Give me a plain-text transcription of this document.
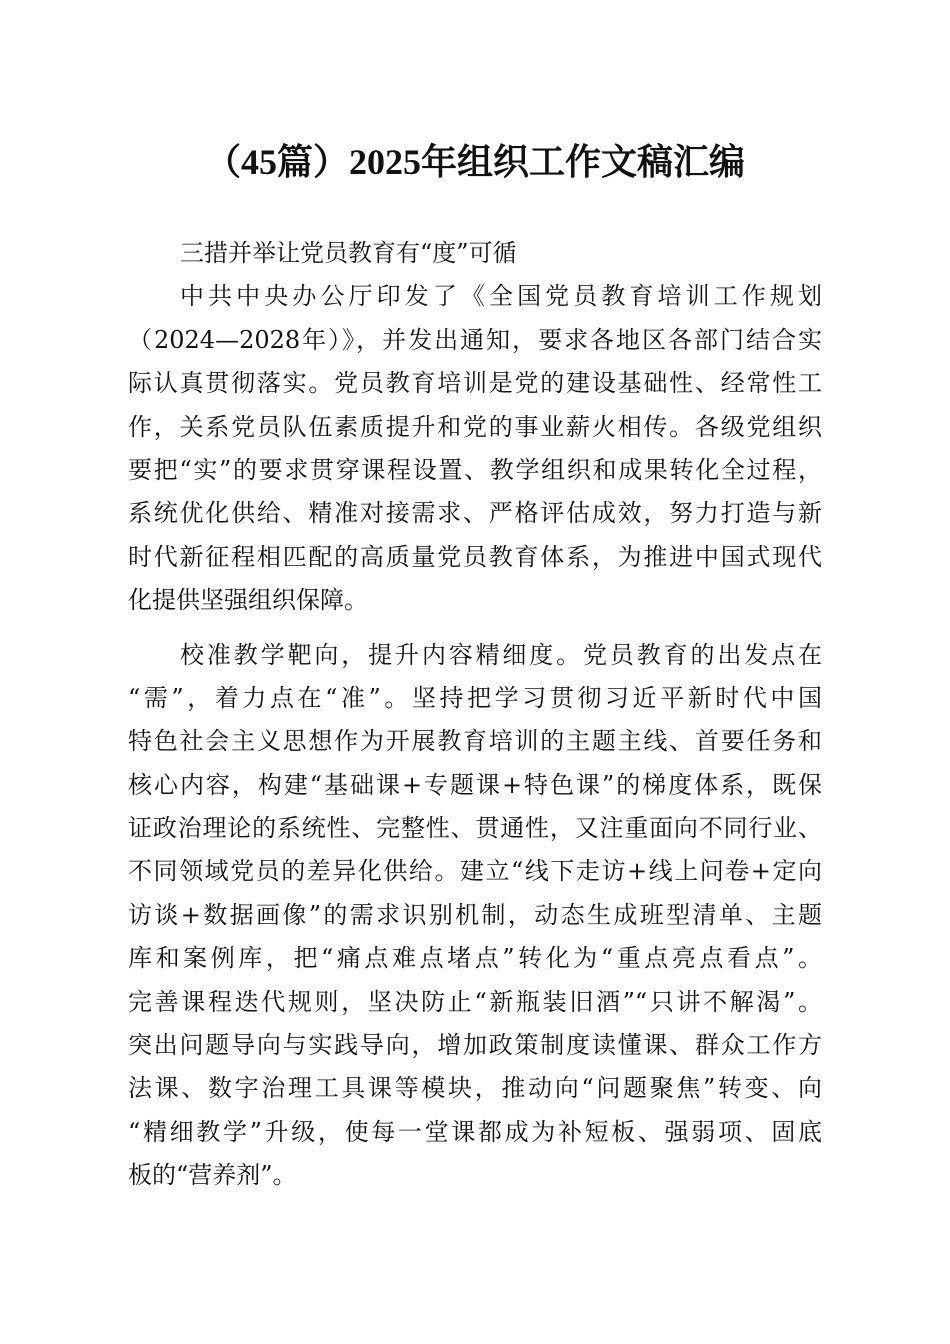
（45篇）2025年组织工作文稿汇编
三措并举让党员教育有“度”可循
中共中央办公厅印发了《全国党员教育培训工作规划
（2024—2028年）》，并发出通知，要求各地区各部门结合实
际认真贯彻落实。党员教育培训是党的建设基础性、经常性工
作，关系党员队伍素质提升和党的事业薪火相传。各级党组织
要把“实”的要求贯穿课程设置、教学组织和成果转化全过程，
系统优化供给、精准对接需求、严格评估成效，努力打造与新
时代新征程相匹配的高质量党员教育体系，为推进中国式现代
化提供坚强组织保障。
校准教学靶向，提升内容精细度。党员教育的出发点在
“需”，着力点在“准”。坚持把学习贯彻习近平新时代中国
特色社会主义思想作为开展教育培训的主题主线、首要任务和
核心内容，构建“基础课+专题课+特色课”的梯度体系，既保
证政治理论的系统性、完整性、贯通性，又注重面向不同行业、
不同领域党员的差异化供给。建立“线下走访+线上问卷+定向
访谈+数据画像”的需求识别机制，动态生成班型清单、主题
库和案例库，把“痛点难点堵点”转化为“重点亮点看点”。
完善课程迭代规则，坚决防止“新瓶装旧酒”“只讲不解渴”。
突出问题导向与实践导向，增加政策制度读懂课、群众工作方
法课、数字治理工具课等模块，推动向“问题聚焦”转变、向
“精细教学”升级，使每一堂课都成为补短板、强弱项、固底
板的“营养剂”。
